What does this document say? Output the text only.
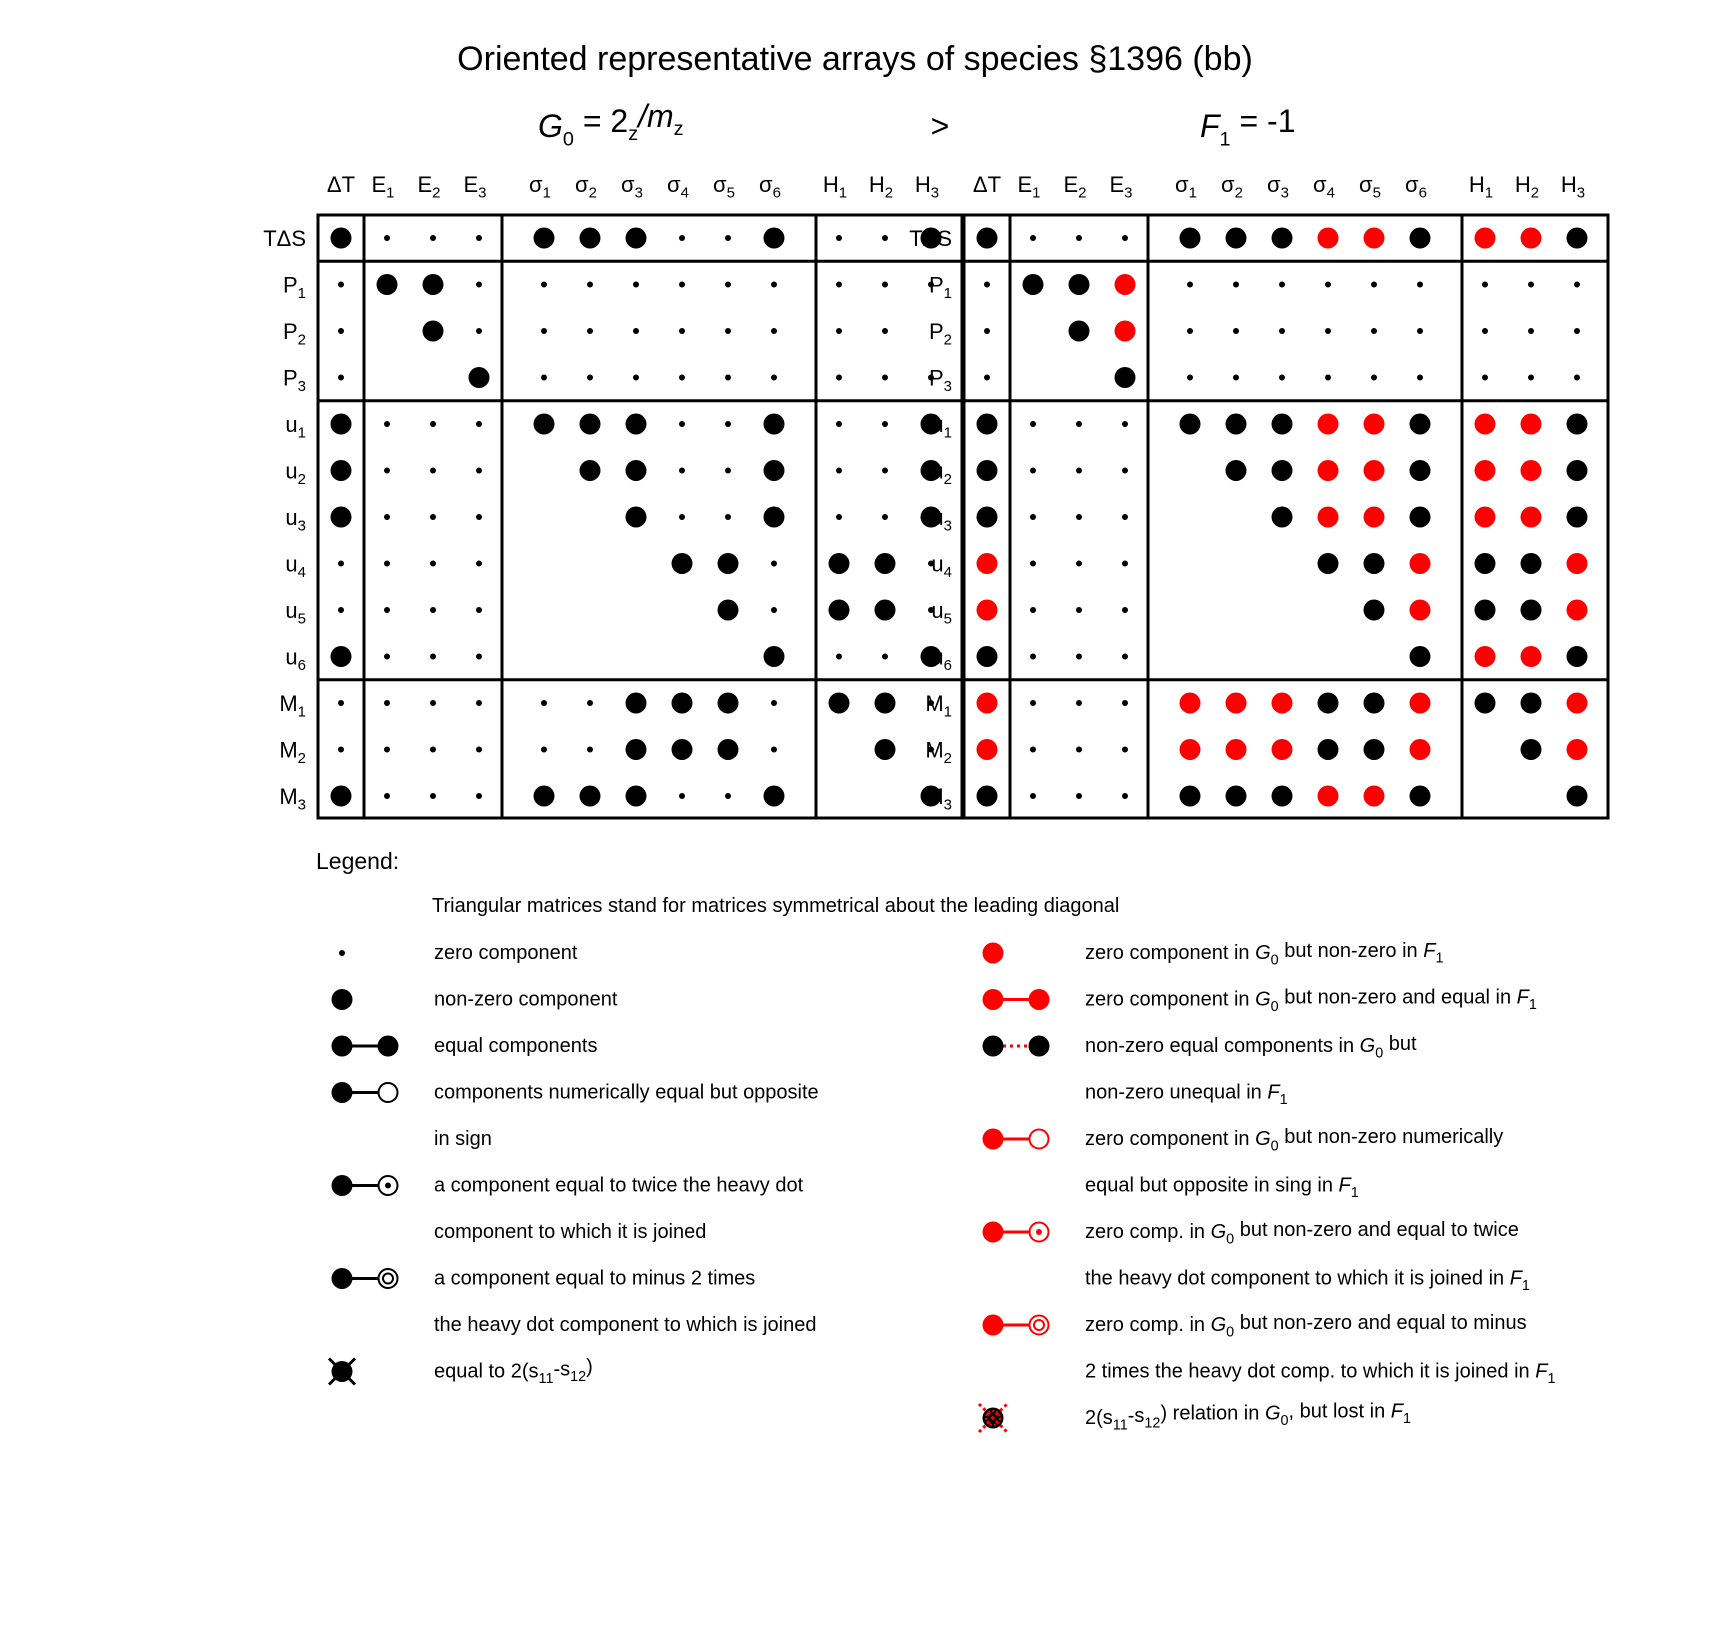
Oriented representative arrays of species §1396 (bb)
$G_0 = 2_z/m_z$	>	$F_1 = -1$
ΔT $E_1$ $E_2$ $E_3$ $\sigma_1$ $\sigma_2$ $\sigma_3$ $\sigma_4$ $\sigma_5$ $\sigma_6$ $H_1$ $H_2$ $H_3$
TΔS
$P_1$
$P_2$
$P_3$
$u_1$
$u_2$
$u_3$
$u_4$
$u_5$
$u_6$
$M_1$
$M_2$
$M_3$
ΔT $E_1$ $E_2$ $E_3$ $\sigma_1$ $\sigma_2$ $\sigma_3$ $\sigma_4$ $\sigma_5$ $\sigma_6$ $H_1$ $H_2$ $H_3$
TΔS
$P_1$
$P_2$
$P_3$
$u_1$
$u_2$
$u_3$
$u_4$
$u_5$
$u_6$
$M_1$
$M_2$
$M_3$
Legend:
Triangular matrices stand for matrices symmetrical about the leading diagonal
zero component
non-zero component
equal components
components numerically equal but opposite
in sign
a component equal to twice the heavy dot
component to which it is joined
a component equal to minus 2 times
the heavy dot component to which is joined
equal to $2(s_{11}-s_{12})$
zero component in $G_0$ but non-zero in $F_1$
zero component in $G_0$ but non-zero and equal in $F_1$
non-zero equal components in $G_0$ but
non-zero unequal in $F_1$
zero component in $G_0$ but non-zero numerically
equal but opposite in sing in $F_1$
zero comp. in $G_0$ but non-zero and equal to twice
the heavy dot component to which it is joined in $F_1$
zero comp. in $G_0$ but non-zero and equal to minus
2 times the heavy dot comp. to which it is joined in $F_1$
$2(s_{11}-s_{12})$ relation in $G_0$, but lost in $F_1$
